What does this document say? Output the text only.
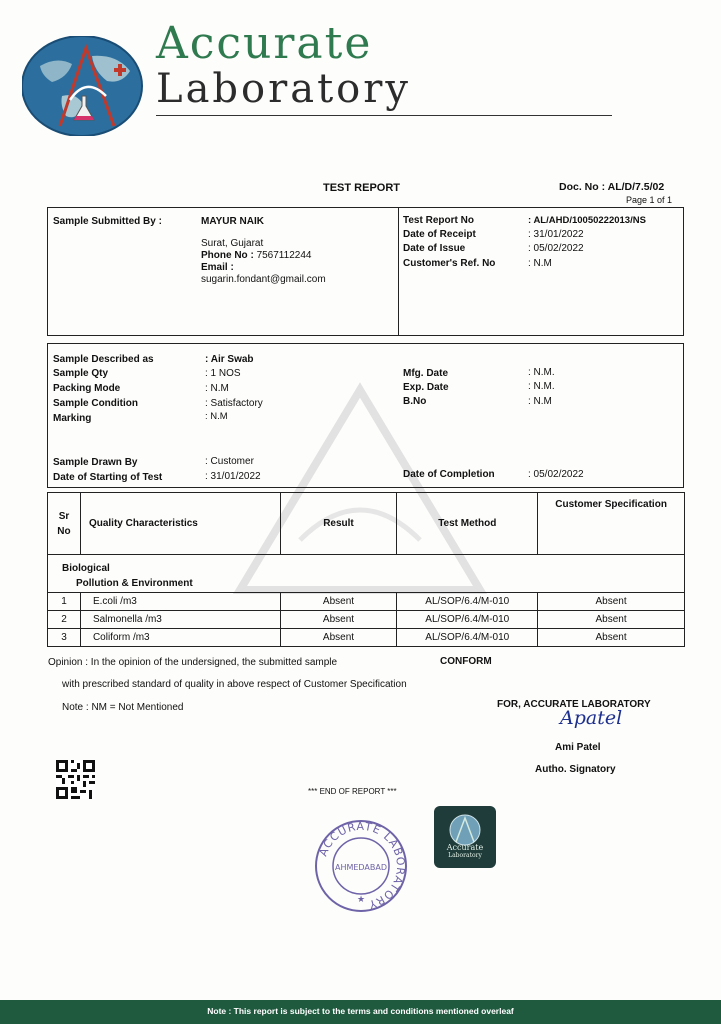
Accurate
Laboratory
TEST REPORT	Doc. No : AL/D/7.5/02
Page 1 of 1
Sample Submitted By :	MAYUR NAIK
Surat, Gujarat
Phone No : 7567112244
Email :
sugarin.fondant@gmail.com
Test Report No	: AL/AHD/10050222013/NS
Date of Receipt	: 31/01/2022
Date of Issue	: 05/02/2022
Customer's Ref. No	: N.M
Sample Described as	: Air Swab
Sample Qty	: 1 NOS
Packing Mode	: N.M
Sample Condition	: Satisfactory
Marking	: N.M
Mfg. Date	: N.M.
Exp. Date	: N.M.
B.No	: N.M
Sample Drawn By	: Customer
Date of Starting of Test	: 31/01/2022	Date of Completion	: 05/02/2022
Sr
No	Quality Characteristics	Result	Test Method	Customer Specification

Biological
Pollution & Environment				

1	E.coli /m3	Absent	AL/SOP/6.4/M-010	Absent
2	Salmonella /m3	Absent	AL/SOP/6.4/M-010	Absent
3	Coliform /m3	Absent	AL/SOP/6.4/M-010	Absent
Opinion : In the opinion of the undersigned, the submitted sample	CONFORM
with prescribed standard of quality in above respect of Customer Specification
Note : NM = Not Mentioned	FOR, ACCURATE LABORATORY
Apatel
Ami Patel
Autho. Signatory
*** END OF REPORT ***
ACCURATE LABORATORY
AHMEDABAD
★
Accurate
Laboratory
Note : This report is subject to the terms and conditions mentioned overleaf
